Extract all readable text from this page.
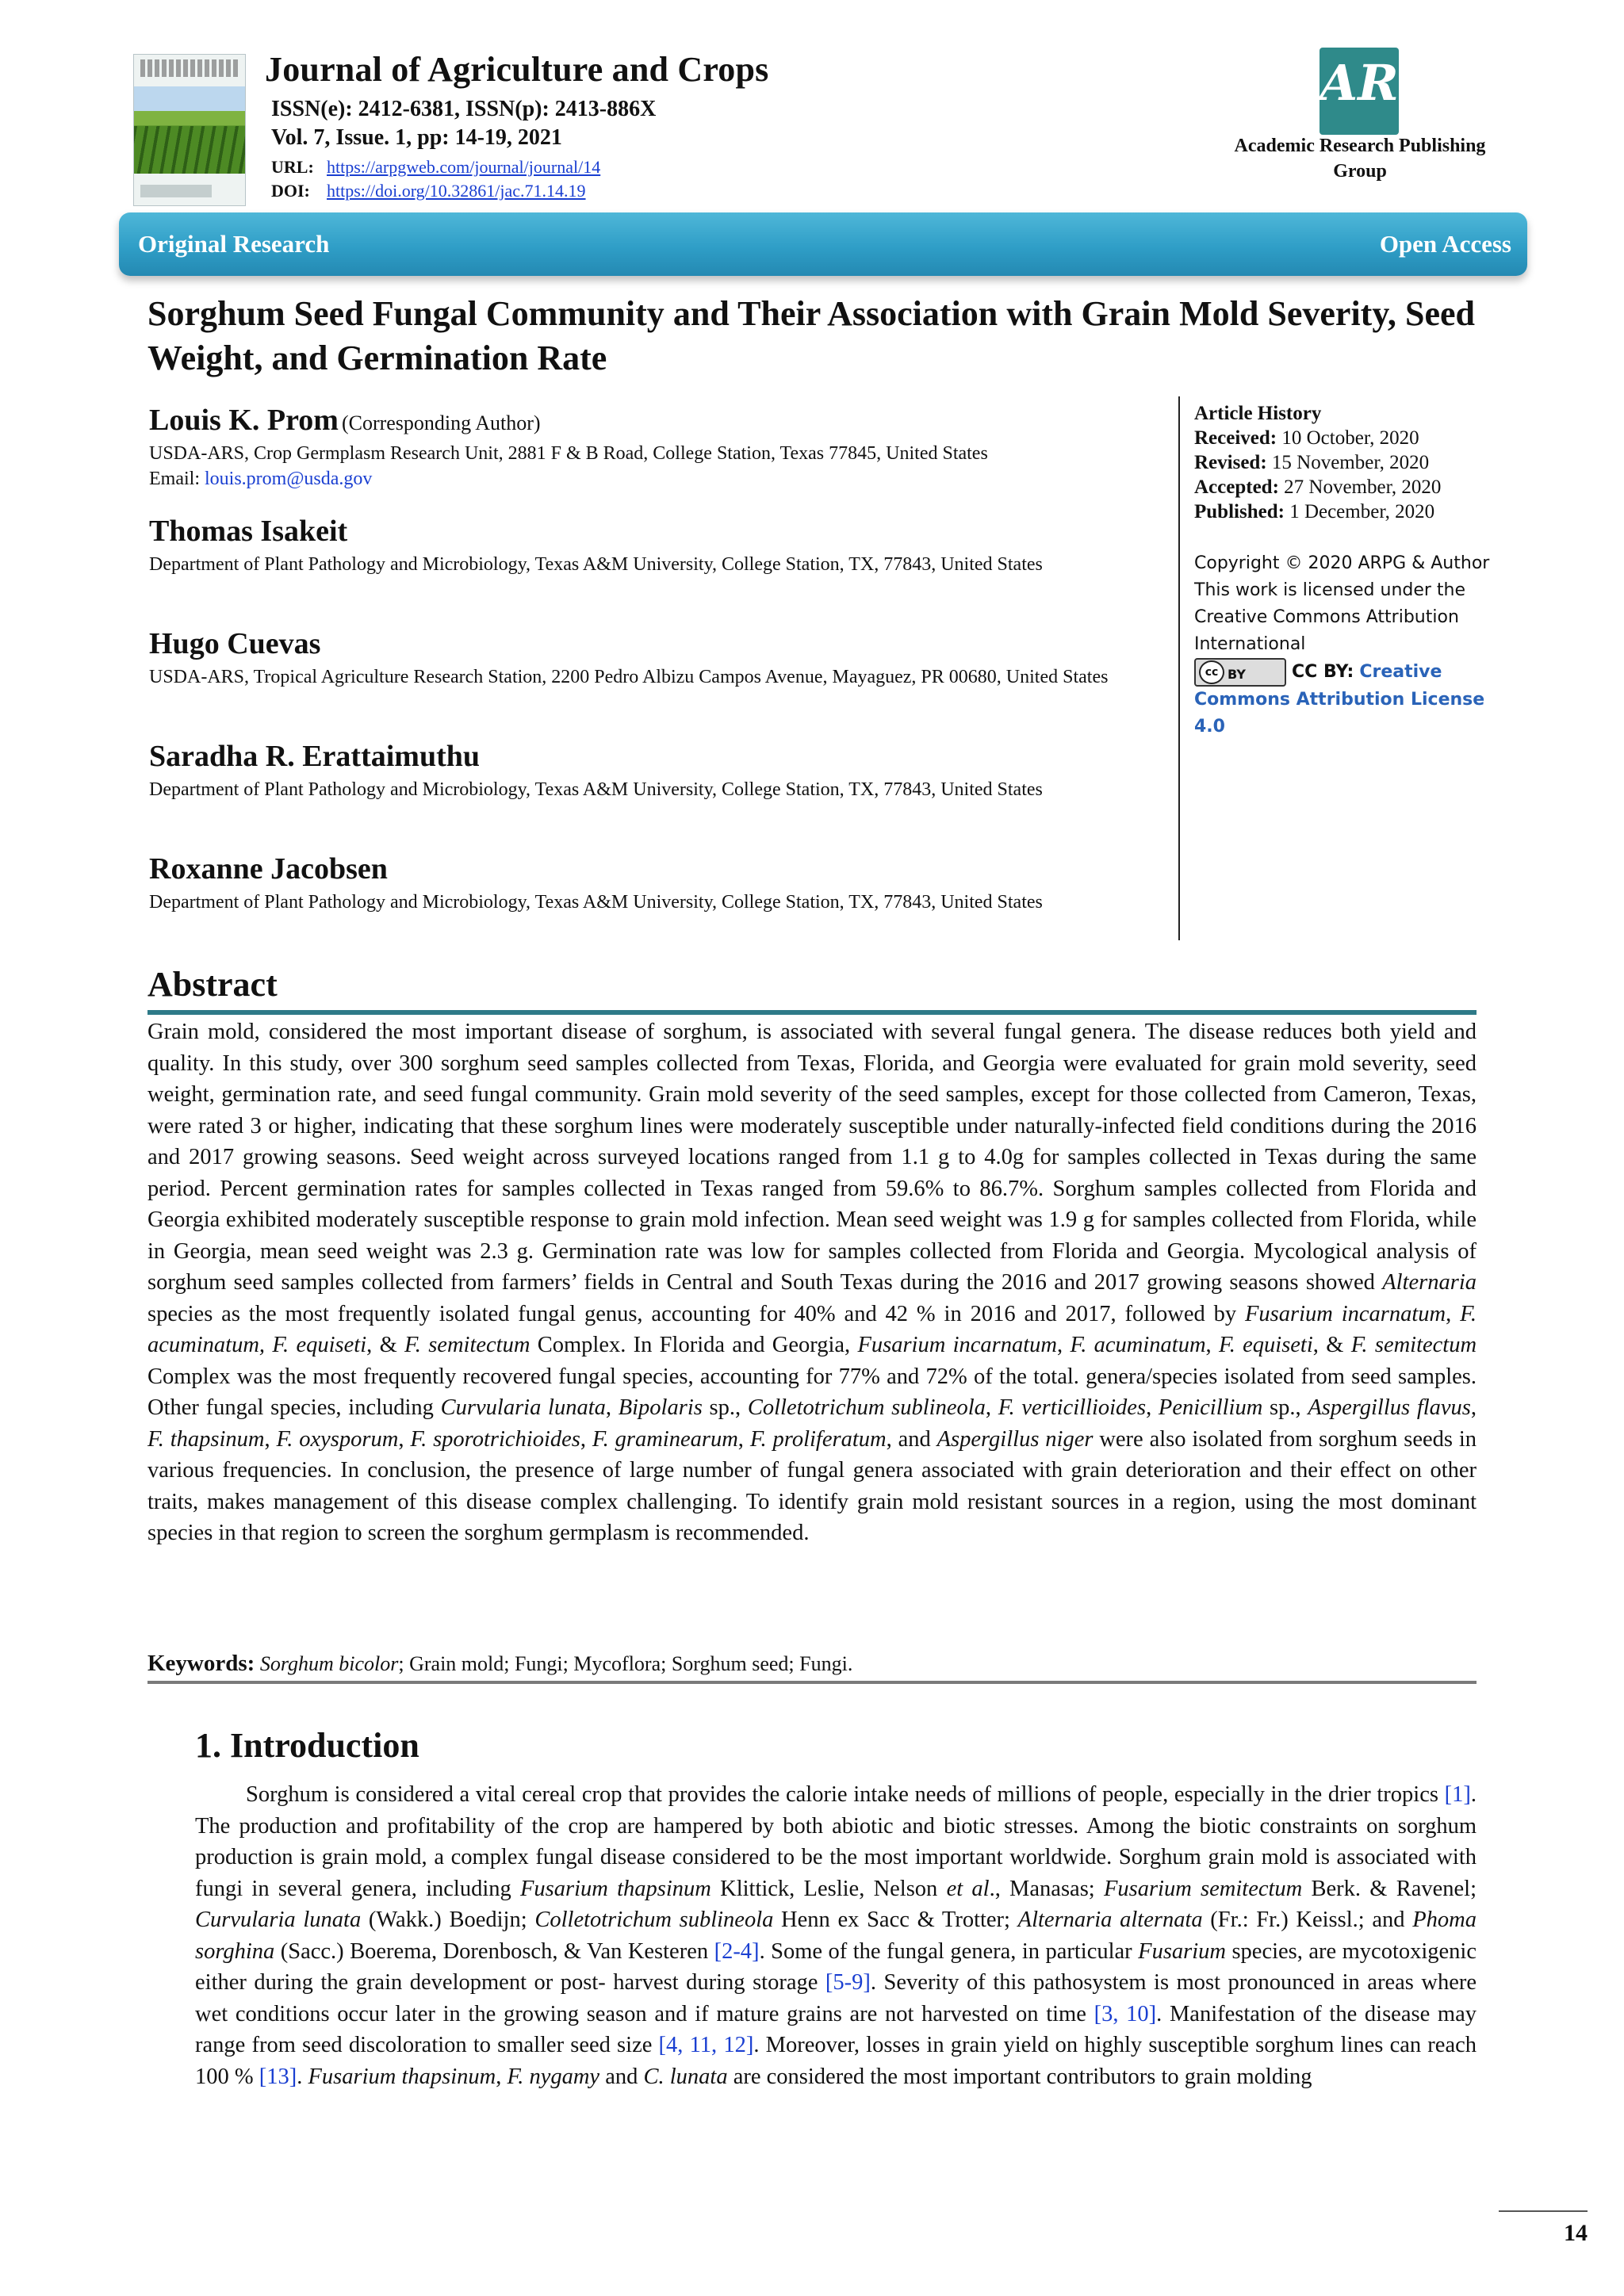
Journal of Agriculture and Crops
ISSN(e): 2412-6381, ISSN(p): 2413-886X
Vol. 7, Issue. 1, pp: 14-19, 2021
URL: https://arpgweb.com/journal/journal/14
DOI: https://doi.org/10.32861/jac.71.14.19
AR
Academic Research Publishing Group
Original Research	Open Access
Sorghum Seed Fungal Community and Their Association with Grain Mold Severity, Seed Weight, and Germination Rate
Louis K. Prom (Corresponding Author)
USDA-ARS, Crop Germplasm Research Unit, 2881 F & B Road, College Station, Texas 77845, United States
Email: louis.prom@usda.gov
Thomas Isakeit
Department of Plant Pathology and Microbiology, Texas A&M University, College Station, TX, 77843, United States
Hugo Cuevas
USDA-ARS, Tropical Agriculture Research Station, 2200 Pedro Albizu Campos Avenue, Mayaguez, PR 00680, United States
Saradha R. Erattaimuthu
Department of Plant Pathology and Microbiology, Texas A&M University, College Station, TX, 77843, United States
Roxanne Jacobsen
Department of Plant Pathology and Microbiology, Texas A&M University, College Station, TX, 77843, United States
Article History
Received: 10 October, 2020
Revised: 15 November, 2020
Accepted: 27 November, 2020
Published: 1 December, 2020
Copyright © 2020 ARPG & Author
This work is licensed under the Creative Commons Attribution International
cc BY	CC BY: Creative Commons Attribution License 4.0
Abstract
Grain mold, considered the most important disease of sorghum, is associated with several fungal genera. The disease reduces both yield and quality. In this study, over 300 sorghum seed samples collected from Texas, Florida, and Georgia were evaluated for grain mold severity, seed weight, germination rate, and seed fungal community. Grain mold severity of the seed samples, except for those collected from Cameron, Texas, were rated 3 or higher, indicating that these sorghum lines were moderately susceptible under naturally-infected field conditions during the 2016 and 2017 growing seasons. Seed weight across surveyed locations ranged from 1.1 g to 4.0g for samples collected in Texas during the same period. Percent germination rates for samples collected in Texas ranged from 59.6% to 86.7%. Sorghum samples collected from Florida and Georgia exhibited moderately susceptible response to grain mold infection. Mean seed weight was 1.9 g for samples collected from Florida, while in Georgia, mean seed weight was 2.3 g. Germination rate was low for samples collected from Florida and Georgia. Mycological analysis of sorghum seed samples collected from farmers’ fields in Central and South Texas during the 2016 and 2017 growing seasons showed Alternaria species as the most frequently isolated fungal genus, accounting for 40% and 42 % in 2016 and 2017, followed by Fusarium incarnatum, F. acuminatum, F. equiseti, & F. semitectum Complex. In Florida and Georgia, Fusarium incarnatum, F. acuminatum, F. equiseti, & F. semitectum Complex was the most frequently recovered fungal species, accounting for 77% and 72% of the total. genera/species isolated from seed samples. Other fungal species, including Curvularia lunata, Bipolaris sp., Colletotrichum sublineola, F. verticillioides, Penicillium sp., Aspergillus flavus, F. thapsinum, F. oxysporum, F. sporotrichioides, F. graminearum, F. proliferatum, and Aspergillus niger were also isolated from sorghum seeds in various frequencies. In conclusion, the presence of large number of fungal genera associated with grain deterioration and their effect on other traits, makes management of this disease complex challenging. To identify grain mold resistant sources in a region, using the most dominant species in that region to screen the sorghum germplasm is recommended.
Keywords: Sorghum bicolor; Grain mold; Fungi; Mycoflora; Sorghum seed; Fungi.
1. Introduction
Sorghum is considered a vital cereal crop that provides the calorie intake needs of millions of people, especially in the drier tropics [1]. The production and profitability of the crop are hampered by both abiotic and biotic stresses. Among the biotic constraints on sorghum production is grain mold, a complex fungal disease considered to be the most important worldwide. Sorghum grain mold is associated with fungi in several genera, including Fusarium thapsinum Klittick, Leslie, Nelson et al., Manasas; Fusarium semitectum Berk. & Ravenel; Curvularia lunata (Wakk.) Boedijn; Colletotrichum sublineola Henn ex Sacc & Trotter; Alternaria alternata (Fr.: Fr.) Keissl.; and Phoma sorghina (Sacc.) Boerema, Dorenbosch, & Van Kesteren [2-4]. Some of the fungal genera, in particular Fusarium species, are mycotoxigenic either during the grain development or post- harvest during storage [5-9]. Severity of this pathosystem is most pronounced in areas where wet conditions occur later in the growing season and if mature grains are not harvested on time [3, 10]. Manifestation of the disease may range from seed discoloration to smaller seed size [4, 11, 12]. Moreover, losses in grain yield on highly susceptible sorghum lines can reach 100 % [13]. Fusarium thapsinum, F. nygamy and C. lunata are considered the most important contributors to grain molding
14
